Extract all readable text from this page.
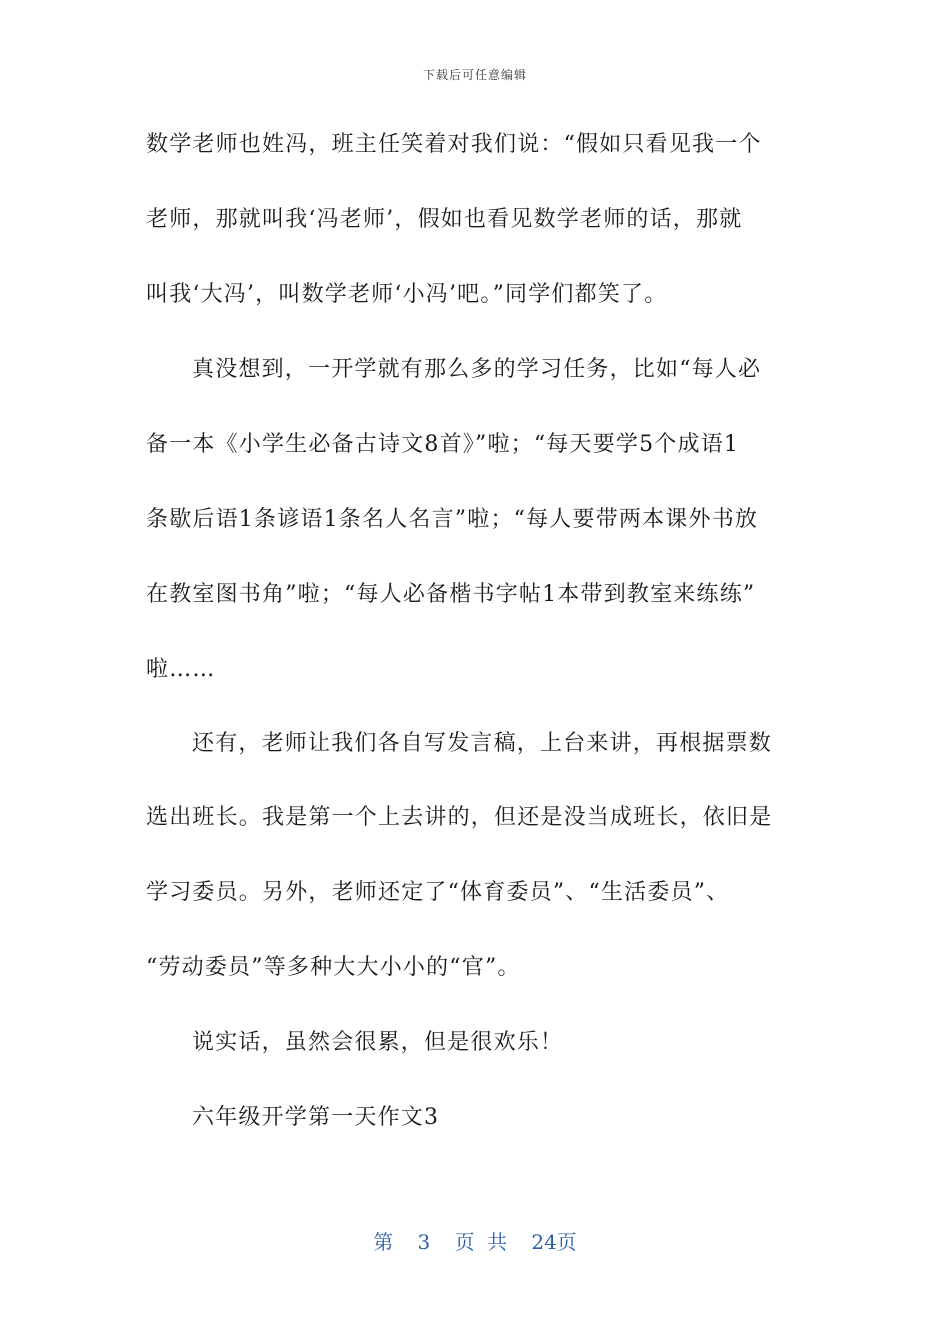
下载后可任意编辑
数学老师也姓冯，班主任笑着对我们说：“假如只看见我一个
老师，那就叫我‘冯老师’，假如也看见数学老师的话，那就
叫我‘大冯’，叫数学老师‘小冯’吧。”同学们都笑了。
真没想到，一开学就有那么多的学习任务，比如“每人必
备一本《小学生必备古诗文8首》”啦；“每天要学5个成语1
条歇后语1条谚语1条名人名言”啦；“每人要带两本课外书放
在教室图书角”啦；“每人必备楷书字帖1本带到教室来练练”
啦……
还有，老师让我们各自写发言稿，上台来讲，再根据票数
选出班长。我是第一个上去讲的，但还是没当成班长，依旧是
学习委员。另外，老师还定了“体育委员”、“生活委员”、
“劳动委员”等多种大大小小的“官”。
说实话，虽然会很累，但是很欢乐！
六年级开学第一天作文3
第 3 页 共 24页
